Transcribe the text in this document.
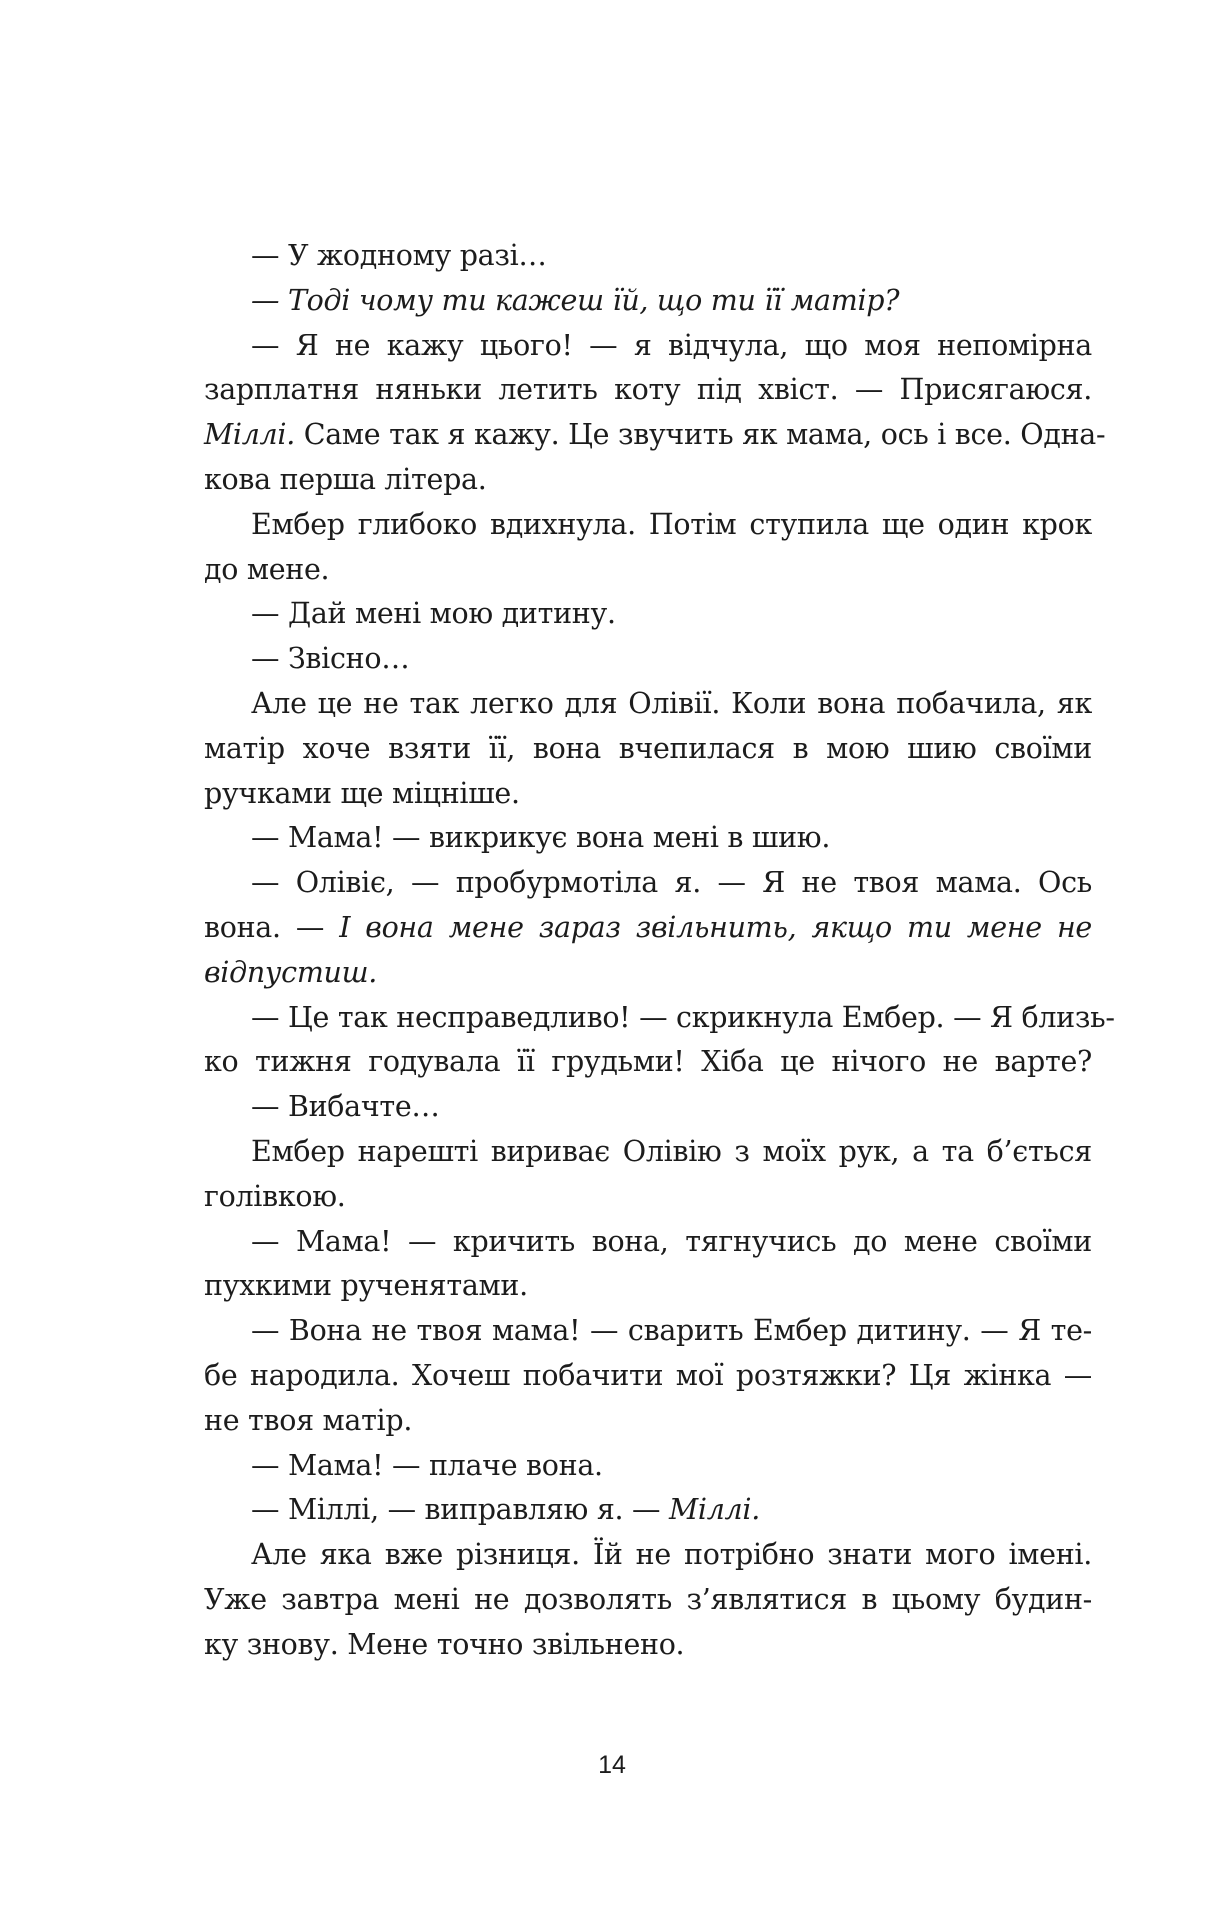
— У жодному разі…
— Тоді чому ти кажеш їй, що ти її матір?
— Я не кажу цього! — я відчула, що моя непомірна
зарплатня няньки летить коту під хвіст. — Присягаюся.
Міллі. Саме так я кажу. Це звучить як мама, ось і все. Одна-
кова перша літера.
Ембер глибоко вдихнула. Потім ступила ще один крок
до мене.
— Дай мені мою дитину.
— Звісно…
Але це не так легко для Олівії. Коли вона побачила, як
матір хоче взяти її, вона вчепилася в мою шию своїми
ручками ще міцніше.
— Мама! — викрикує вона мені в шию.
— Олівіє, — пробурмотіла я. — Я не твоя мама. Ось
вона. — І вона мене зараз звільнить, якщо ти мене не
відпустиш.
— Це так несправедливо! — скрикнула Ембер. — Я близь-
ко тижня годувала її грудьми! Хіба це нічого не варте?
— Вибачте…
Ембер нарешті вириває Олівію з моїх рук, а та б’ється
голівкою.
— Мама! — кричить вона, тягнучись до мене своїми
пухкими рученятами.
— Вона не твоя мама! — сварить Ембер дитину. — Я те-
бе народила. Хочеш побачити мої розтяжки? Ця жінка —
не твоя матір.
— Мама! — плаче вона.
— Міллі, — виправляю я. — Міллі.
Але яка вже різниця. Їй не потрібно знати мого імені.
Уже завтра мені не дозволять з’являтися в цьому будин-
ку знову. Мене точно звільнено.
14
